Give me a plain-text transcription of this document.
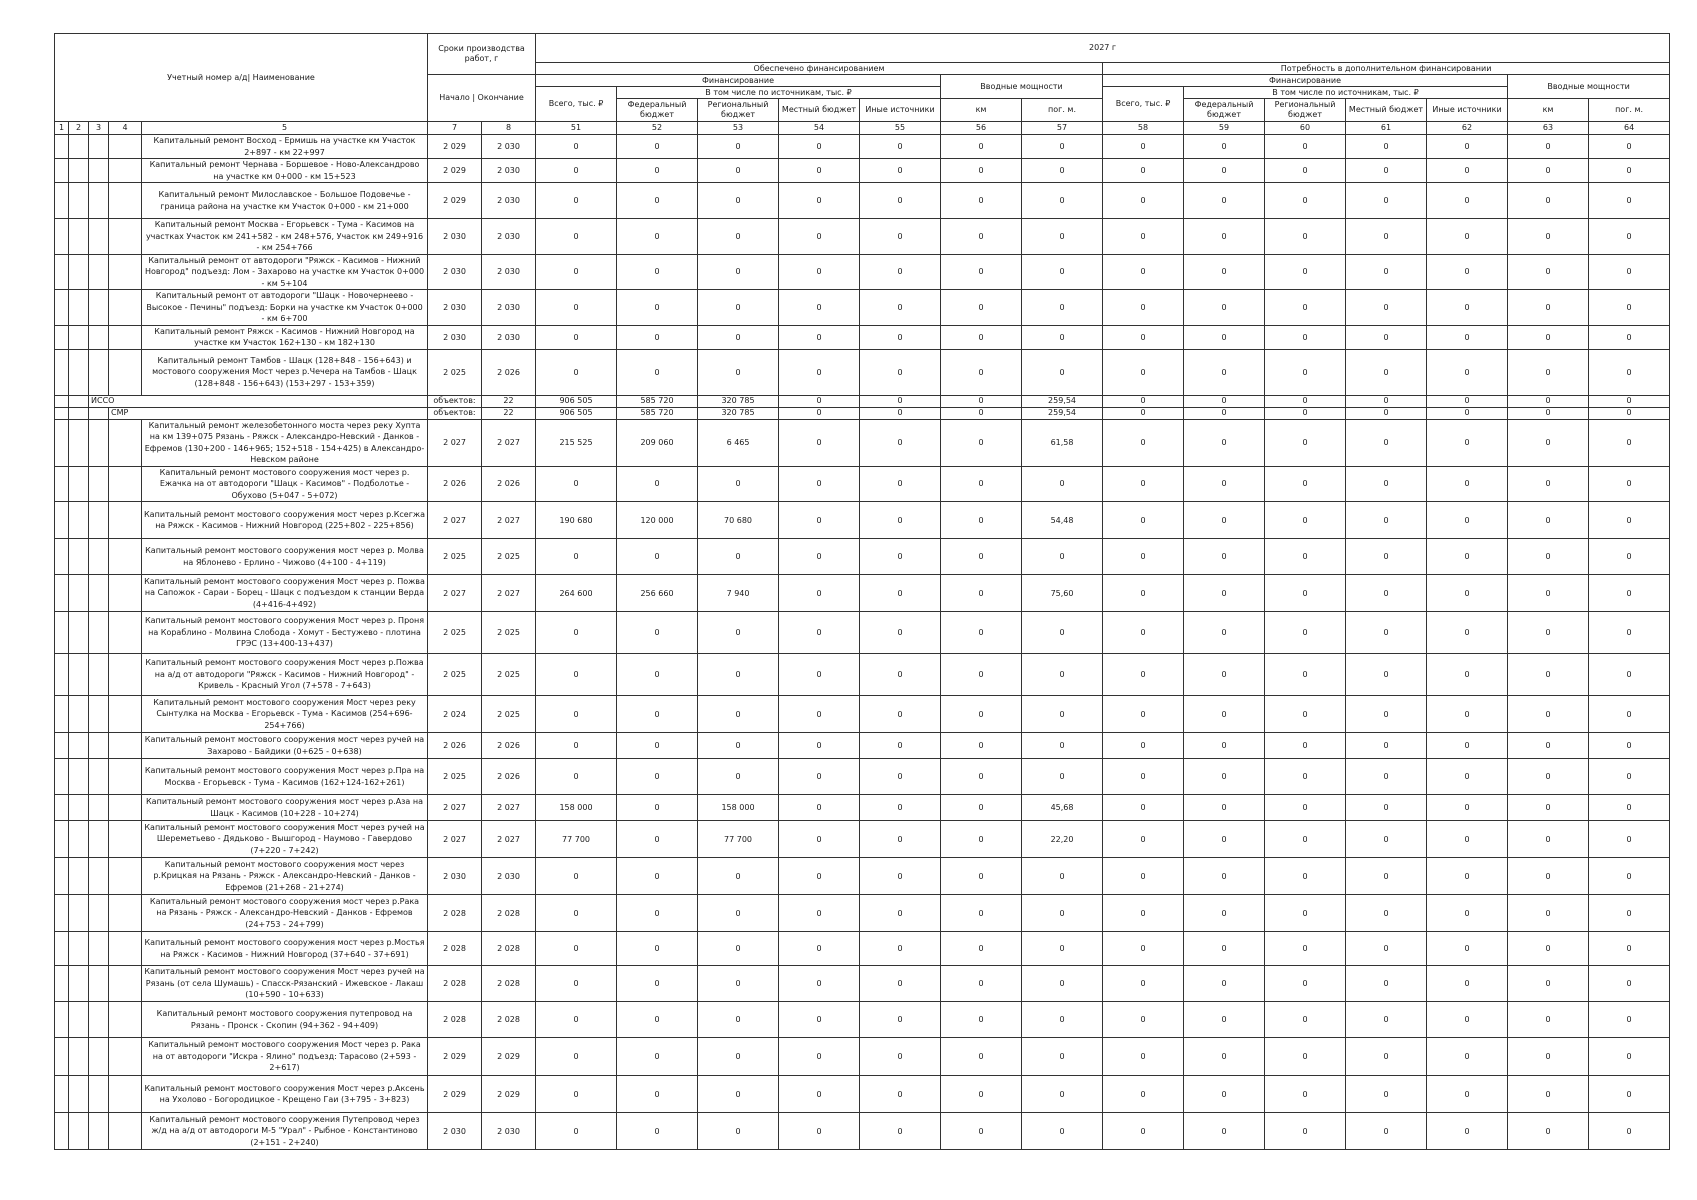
Учетный номер а/д| Наименование					Сроки производства работ, г		2027 г													
							Обеспечено финансированием							Потребность в дополнительном финансировании						
					Начало | Окончание		Финансирование					Вводные мощности		Финансирование					Вводные мощности	
							Всего, тыс. ₽	В том числе по источникам, тыс. ₽						Всего, тыс. ₽	В том числе по источникам, тыс. ₽					
								Федеральный бюджет	Региональный бюджет	Местный бюджет	Иные источники	км	пог. м.		Федеральный бюджет	Региональный бюджет	Местный бюджет	Иные источники	км	пог. м.

1	2	3	4	5	7	8	51	52	53	54	55	56	57	58	59	60	61	62	63	64
				Капитальный ремонт Восход - Ермишь на участке км Участок 2+897 - км 22+997	2 029	2 030	0	0	0	0	0	0	0	0	0	0	0	0	0	0
				Капитальный ремонт Чернава - Боршевое - Ново-Александрово на участке км 0+000 - км 15+523	2 029	2 030	0	0	0	0	0	0	0	0	0	0	0	0	0	0
				Капитальный ремонт Милославское - Большое Подовечье - граница района на участке км Участок 0+000 - км 21+000	2 029	2 030	0	0	0	0	0	0	0	0	0	0	0	0	0	0
				Капитальный ремонт Москва - Егорьевск - Тума - Касимов на участках Участок км 241+582 - км 248+576, Участок км 249+916 - км 254+766	2 030	2 030	0	0	0	0	0	0	0	0	0	0	0	0	0	0
				Капитальный ремонт от автодороги "Ряжск - Касимов - Нижний Новгород" подъезд: Лом - Захарово на участке км Участок 0+000 - км 5+104	2 030	2 030	0	0	0	0	0	0	0	0	0	0	0	0	0	0
				Капитальный ремонт от автодороги "Шацк - Новочернеево - Высокое - Печины" подъезд: Борки на участке км Участок 0+000 - км 6+700	2 030	2 030	0	0	0	0	0	0	0	0	0	0	0	0	0	0
				Капитальный ремонт Ряжск - Касимов - Нижний Новгород на участке км Участок 162+130 - км 182+130	2 030	2 030	0	0	0	0	0	0	0	0	0	0	0	0	0	0
				Капитальный ремонт Тамбов - Шацк (128+848 - 156+643) и мостового сооружения Мост через р.Чечера на Тамбов - Шацк (128+848 - 156+643) (153+297 - 153+359)	2 025	2 026	0	0	0	0	0	0	0	0	0	0	0	0	0	0
		ИССО			объектов:	22	906 505	585 720	320 785	0	0	0	259,54	0	0	0	0	0	0	0
			СМР		объектов:	22	906 505	585 720	320 785	0	0	0	259,54	0	0	0	0	0	0	0
				Капитальный ремонт железобетонного моста через реку Хупта на км 139+075 Рязань - Ряжск - Александро-Невский - Данков - Ефремов (130+200 - 146+965; 152+518 - 154+425) в Александро-Невском районе	2 027	2 027	215 525	209 060	6 465	0	0	0	61,58	0	0	0	0	0	0	0
				Капитальный ремонт мостового сооружения мост через р. Ежачка на от автодороги "Шацк - Касимов" - Подболотье - Обухово (5+047 - 5+072)	2 026	2 026	0	0	0	0	0	0	0	0	0	0	0	0	0	0
				Капитальный ремонт мостового сооружения мост через р.Ксегжа на Ряжск - Касимов - Нижний Новгород (225+802 - 225+856)	2 027	2 027	190 680	120 000	70 680	0	0	0	54,48	0	0	0	0	0	0	0
				Капитальный ремонт мостового сооружения мост через р. Молва на Яблонево - Ерлино - Чижово (4+100 - 4+119)	2 025	2 025	0	0	0	0	0	0	0	0	0	0	0	0	0	0
				Капитальный ремонт мостового сооружения Мост через р. Пожва на Сапожок - Сараи - Борец - Шацк с подъездом к станции Верда (4+416-4+492)	2 027	2 027	264 600	256 660	7 940	0	0	0	75,60	0	0	0	0	0	0	0
				Капитальный ремонт мостового сооружения Мост через р. Проня на Кораблино - Молвина Слобода - Хомут - Бестужево - плотина ГРЭС (13+400-13+437)	2 025	2 025	0	0	0	0	0	0	0	0	0	0	0	0	0	0
				Капитальный ремонт мостового сооружения Мост через р.Пожва на а/д от автодороги "Ряжск - Касимов - Нижний Новгород" - Кривель - Красный Угол (7+578 - 7+643)	2 025	2 025	0	0	0	0	0	0	0	0	0	0	0	0	0	0
				Капитальный ремонт мостового сооружения Мост через реку Сынтулка на Москва - Егорьевск - Тума - Касимов (254+696-254+766)	2 024	2 025	0	0	0	0	0	0	0	0	0	0	0	0	0	0
				Капитальный ремонт мостового сооружения мост через ручей на Захарово - Байдики (0+625 - 0+638)	2 026	2 026	0	0	0	0	0	0	0	0	0	0	0	0	0	0
				Капитальный ремонт мостового сооружения Мост через р.Пра на Москва - Егорьевск - Тума - Касимов (162+124-162+261)	2 025	2 026	0	0	0	0	0	0	0	0	0	0	0	0	0	0
				Капитальный ремонт мостового сооружения мост через р.Аза на Шацк - Касимов (10+228 - 10+274)	2 027	2 027	158 000	0	158 000	0	0	0	45,68	0	0	0	0	0	0	0
				Капитальный ремонт мостового сооружения Мост через ручей на Шереметьево - Дядьково - Вышгород - Наумово - Гавердово (7+220 - 7+242)	2 027	2 027	77 700	0	77 700	0	0	0	22,20	0	0	0	0	0	0	0
				Капитальный ремонт мостового сооружения мост через р.Крицкая на Рязань - Ряжск - Александро-Невский - Данков - Ефремов (21+268 - 21+274)	2 030	2 030	0	0	0	0	0	0	0	0	0	0	0	0	0	0
				Капитальный ремонт мостового сооружения мост через р.Рака на Рязань - Ряжск - Александро-Невский - Данков - Ефремов (24+753 - 24+799)	2 028	2 028	0	0	0	0	0	0	0	0	0	0	0	0	0	0
				Капитальный ремонт мостового сооружения мост через р.Мостья на Ряжск - Касимов - Нижний Новгород (37+640 - 37+691)	2 028	2 028	0	0	0	0	0	0	0	0	0	0	0	0	0	0
				Капитальный ремонт мостового сооружения Мост через ручей на Рязань (от села Шумашь) - Спасск-Рязанский - Ижевское - Лакаш (10+590 - 10+633)	2 028	2 028	0	0	0	0	0	0	0	0	0	0	0	0	0	0
				Капитальный ремонт мостового сооружения путепровод на Рязань - Пронск - Скопин (94+362 - 94+409)	2 028	2 028	0	0	0	0	0	0	0	0	0	0	0	0	0	0
				Капитальный ремонт мостового сооружения Мост через р. Рака на от автодороги "Искра - Ялино" подъезд: Тарасово (2+593 - 2+617)	2 029	2 029	0	0	0	0	0	0	0	0	0	0	0	0	0	0
				Капитальный ремонт мостового сооружения Мост через р.Аксень на Ухолово - Богородицкое - Крещено Гаи (3+795 - 3+823)	2 029	2 029	0	0	0	0	0	0	0	0	0	0	0	0	0	0
				Капитальный ремонт мостового сооружения Путепровод через ж/д на а/д от автодороги М-5 "Урал" - Рыбное - Константиново (2+151 - 2+240)	2 030	2 030	0	0	0	0	0	0	0	0	0	0	0	0	0	0
